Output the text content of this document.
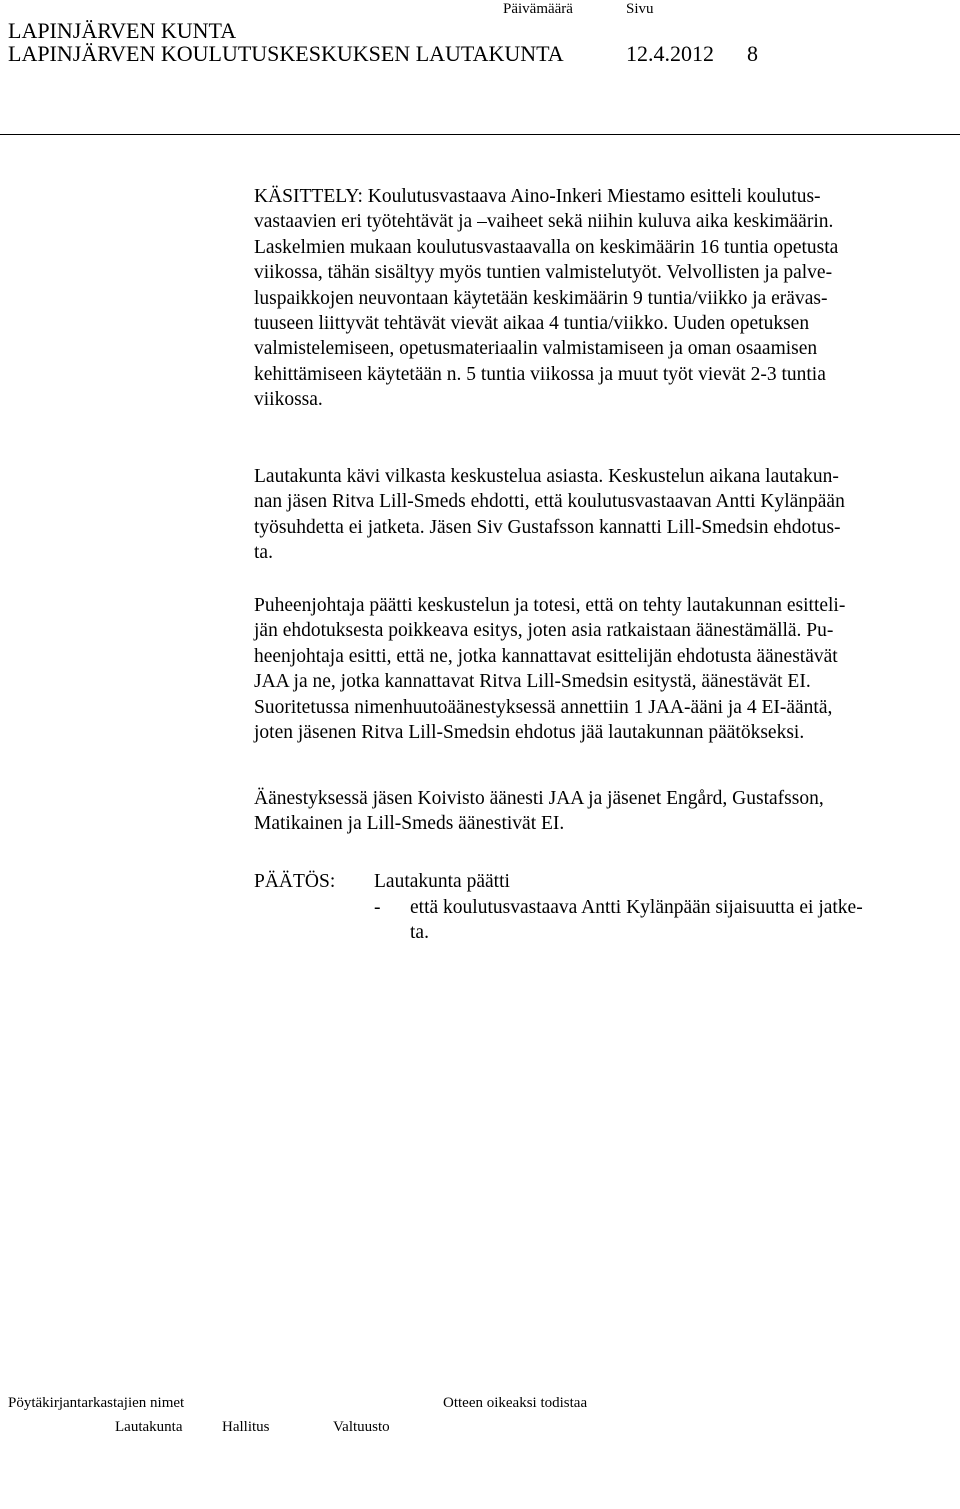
LAPINJÄRVEN KUNTA
Päivämäärä	Sivu
LAPINJÄRVEN KOULUTUSKESKUKSEN LAUTAKUNTA	12.4.2012 8
KÄSITTELY: Koulutusvastaava Aino-Inkeri Miestamo esitteli koulutus-
vastaavien eri työtehtävät ja –vaiheet sekä niihin kuluva aika keskimäärin.
Laskelmien mukaan koulutusvastaavalla on keskimäärin 16 tuntia opetusta
viikossa, tähän sisältyy myös tuntien valmistelutyöt. Velvollisten ja palve-
luspaikkojen neuvontaan käytetään keskimäärin 9 tuntia/viikko ja erävas-
tuuseen liittyvät tehtävät vievät aikaa 4 tuntia/viikko. Uuden opetuksen
valmistelemiseen, opetusmateriaalin valmistamiseen ja oman osaamisen
kehittämiseen käytetään n. 5 tuntia viikossa ja muut työt vievät 2-3 tuntia
viikossa.
Lautakunta kävi vilkasta keskustelua asiasta. Keskustelun aikana lautakun-
nan jäsen Ritva Lill-Smeds ehdotti, että koulutusvastaavan Antti Kylänpään
työsuhdetta ei jatketa. Jäsen Siv Gustafsson kannatti Lill-Smedsin ehdotus-
ta.
Puheenjohtaja päätti keskustelun ja totesi, että on tehty lautakunnan esitteli-
jän ehdotuksesta poikkeava esitys, joten asia ratkaistaan äänestämällä. Pu-
heenjohtaja esitti, että ne, jotka kannattavat esittelijän ehdotusta äänestävät
JAA ja ne, jotka kannattavat Ritva Lill-Smedsin esitystä, äänestävät EI.
Suoritetussa nimenhuutoäänestyksessä annettiin 1 JAA-ääni ja 4 EI-ääntä,
joten jäsenen Ritva Lill-Smedsin ehdotus jää lautakunnan päätökseksi.
Äänestyksessä jäsen Koivisto äänesti JAA ja jäsenet Engård, Gustafsson,
Matikainen ja Lill-Smeds äänestivät EI.
PÄÄTÖS:	Lautakunta päätti
-	että koulutusvastaava Antti Kylänpään sijaisuutta ei jatke-
ta.
Pöytäkirjantarkastajien nimet	Otteen oikeaksi todistaa
Lautakunta	Hallitus	Valtuusto
